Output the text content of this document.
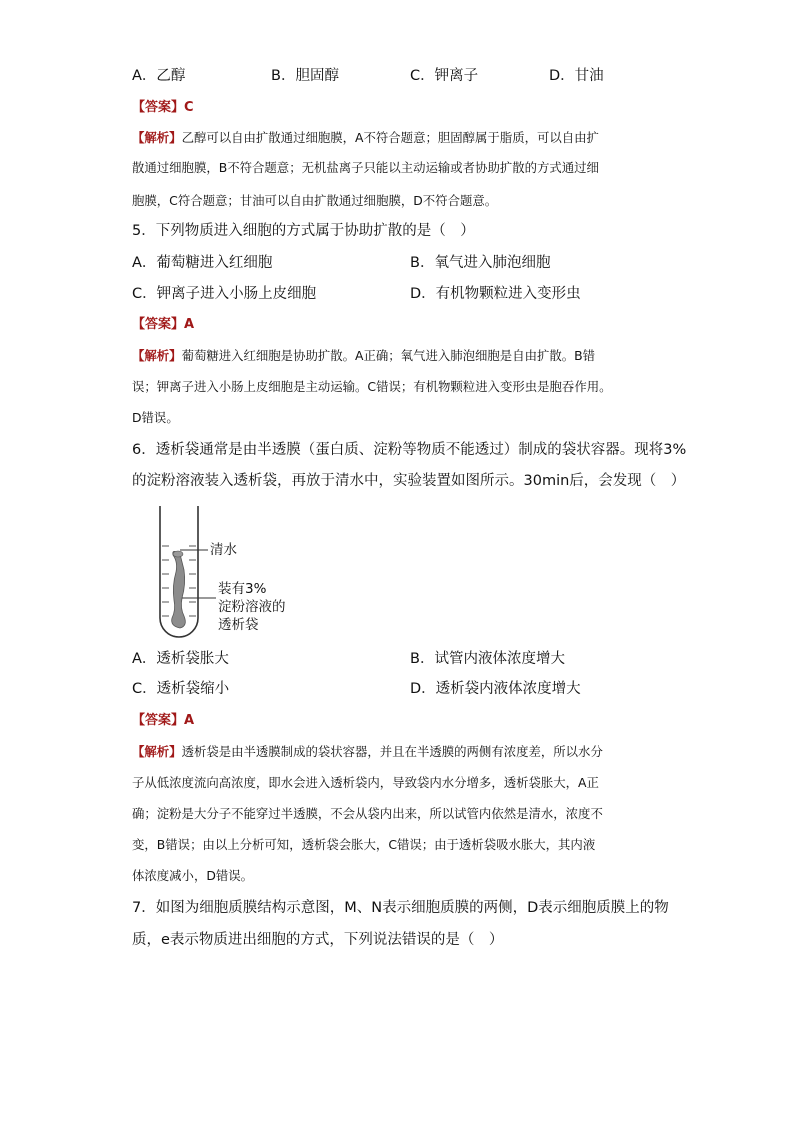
A．乙醇	B．胆固醇	C．钾离子	D．甘油
【答案】C
【解析】乙醇可以自由扩散通过细胞膜，A不符合题意；胆固醇属于脂质，可以自由扩
散通过细胞膜，B不符合题意；无机盐离子只能以主动运输或者协助扩散的方式通过细
胞膜，C符合题意；甘油可以自由扩散通过细胞膜，D不符合题意。
5．下列物质进入细胞的方式属于协助扩散的是（　）
A．葡萄糖进入红细胞	B．氧气进入肺泡细胞
C．钾离子进入小肠上皮细胞	D．有机物颗粒进入变形虫
【答案】A
【解析】葡萄糖进入红细胞是协助扩散。A正确；氧气进入肺泡细胞是自由扩散。B错
误；钾离子进入小肠上皮细胞是主动运输。C错误；有机物颗粒进入变形虫是胞吞作用。
D错误。
6．透析袋通常是由半透膜（蛋白质、淀粉等物质不能透过）制成的袋状容器。现将3%
的淀粉溶液装入透析袋，再放于清水中，实验装置如图所示。30min后，会发现（　）
清水
装有3%
淀粉溶液的
透析袋
A．透析袋胀大	B．试管内液体浓度增大
C．透析袋缩小	D．透析袋内液体浓度增大
【答案】A
【解析】透析袋是由半透膜制成的袋状容器，并且在半透膜的两侧有浓度差，所以水分
子从低浓度流向高浓度，即水会进入透析袋内，导致袋内水分增多，透析袋胀大，A正
确；淀粉是大分子不能穿过半透膜，不会从袋内出来，所以试管内依然是清水，浓度不
变，B错误；由以上分析可知，透析袋会胀大，C错误；由于透析袋吸水胀大，其内液
体浓度减小，D错误。
7．如图为细胞质膜结构示意图，M、N表示细胞质膜的两侧，D表示细胞质膜上的物
质，e表示物质进出细胞的方式，下列说法错误的是（　）
